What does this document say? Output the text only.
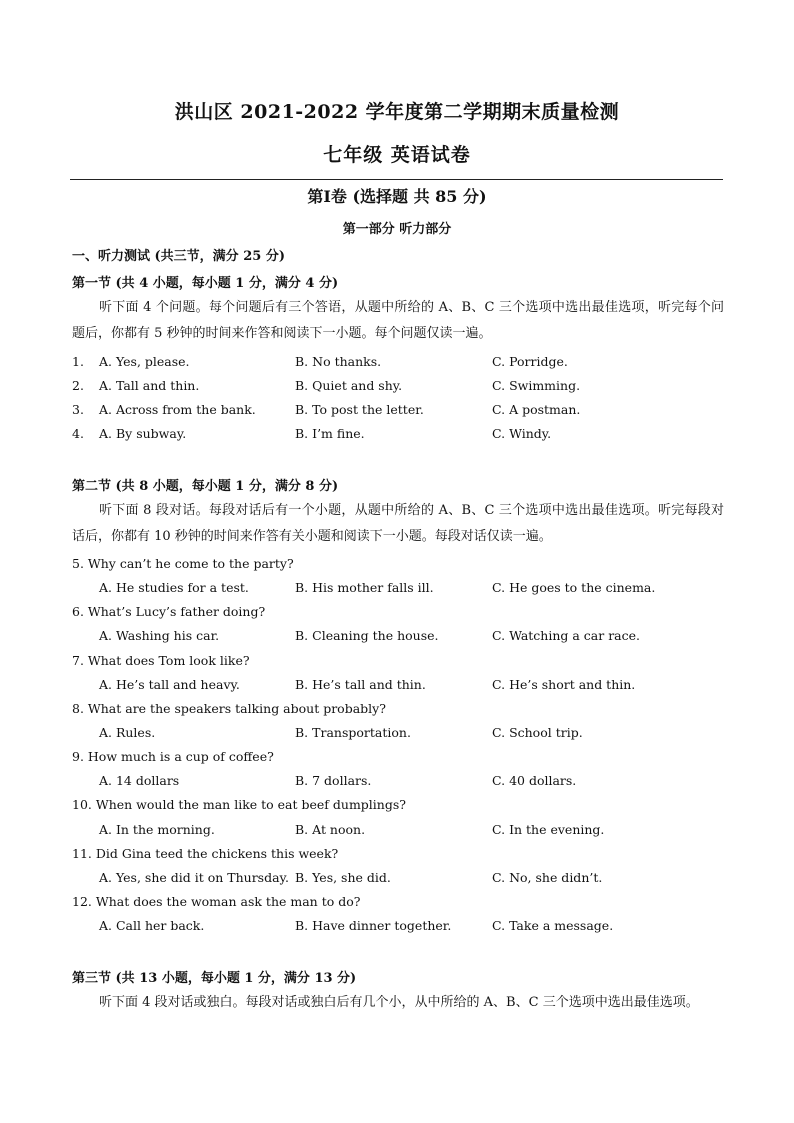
洪山区 2021-2022 学年度第二学期期末质量检测
七年级 英语试卷
第Ⅰ卷 (选择题 共 85 分)
第一部分 听力部分
一、听力测试 (共三节，满分 25 分)
第一节 (共 4 小题，每小题 1 分，满分 4 分)
听下面 4 个问题。每个问题后有三个答语，从题中所给的 A、B、C 三个选项中选出最佳选项，听完每个问题后，你都有 5 秒钟的时间来作答和阅读下一小题。每个问题仅读一遍。
1. A. Yes, please.	B. No thanks.	C. Porridge.
2. A. Tall and thin.	B. Quiet and shy.	C. Swimming.
3. A. Across from the bank.	B. To post the letter.	C. A postman.
4. A. By subway.	B. I’m fine.	C. Windy.
第二节 (共 8 小题，每小题 1 分，满分 8 分)
听下面 8 段对话。每段对话后有一个小题，从题中所给的 A、B、C 三个选项中选出最佳选项。听完每段对话后，你都有 10 秒钟的时间来作答有关小题和阅读下一小题。每段对话仅读一遍。
5. Why can’t he come to the party?
A. He studies for a test.	B. His mother falls ill.	C. He goes to the cinema.
6. What’s Lucy’s father doing?
A. Washing his car.	B. Cleaning the house.	C. Watching a car race.
7. What does Tom look like?
A. He’s tall and heavy.	B. He’s tall and thin.	C. He’s short and thin.
8. What are the speakers talking about probably?
A. Rules.	B. Transportation.	C. School trip.
9. How much is a cup of coffee?
A. 14 dollars	B. 7 dollars.	C. 40 dollars.
10. When would the man like to eat beef dumplings?
A. In the morning.	B. At noon.	C. In the evening.
11. Did Gina teed the chickens this week?
A. Yes, she did it on Thursday. B. Yes, she did.	C. No, she didn’t.
12. What does the woman ask the man to do?
A. Call her back.	B. Have dinner together.	C. Take a message.
第三节 (共 13 小题，每小题 1 分，满分 13 分)
听下面 4 段对话或独白。每段对话或独白后有几个小，从中所给的 A、B、C 三个选项中选出最佳选项。
